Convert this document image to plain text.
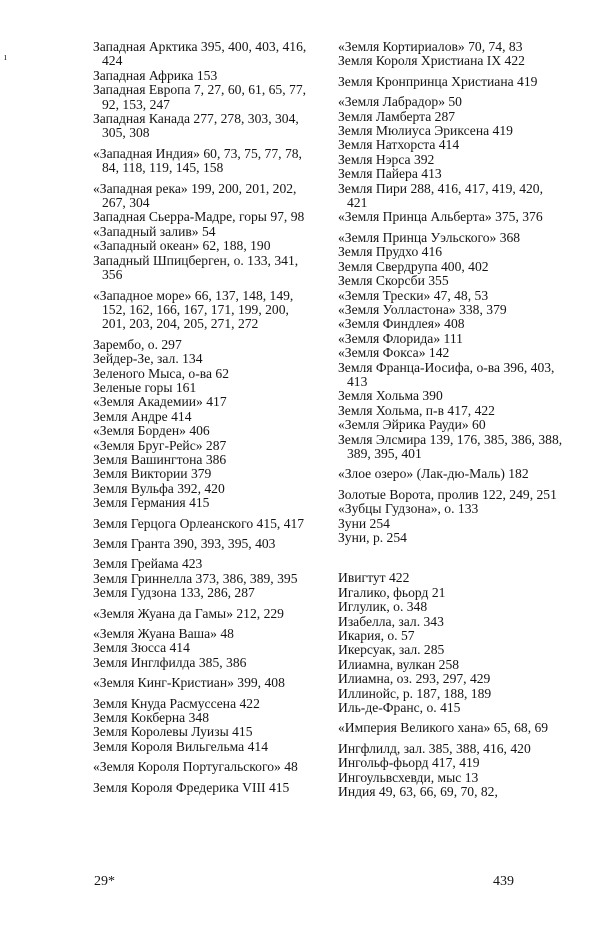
ı

Западная Арктика 395, 400, 403, 416, 424

Западная Африка 153

Западная Европа 7, 27, 60, 61, 65, 77, 92, 153, 247

Западная Канада 277, 278, 303, 304, 305, 308

«Западная Индия» 60, 73, 75, 77, 78, 84, 118, 119, 145, 158

«Западная река» 199, 200, 201, 202, 267, 304

Западная Сьерра-Мадре, горы 97, 98

«Западный залив» 54

«Западный океан» 62, 188, 190

Западный Шпицберген, о. 133, 341, 356

«Западное море» 66, 137, 148, 149, 152, 162, 166, 167, 171, 199, 200, 201, 203, 204, 205, 271, 272

Зарембо, о. 297

Зейдер-Зе, зал. 134

Зеленого Мыса, о-ва 62

Зеленые горы 161

«Земля Академии» 417

Земля Андре 414

«Земля Борден» 406

«Земля Бруг-Рейс» 287

Земля Вашингтона 386

Земля Виктории 379

Земля Вульфа 392, 420

Земля Германия 415

Земля Герцога Орлеанского 415, 417

Земля Гранта 390, 393, 395, 403

Земля Грейама 423

Земля Гриннелла 373, 386, 389, 395

Земля Гудзона 133, 286, 287

«Земля Жуана да Гамы» 212, 229

«Земля Жуана Ваша» 48

Земля Зюсса 414

Земля Инглфилда 385, 386

«Земля Кинг-Кристиан» 399, 408

Земля Кнуда Расмуссена 422

Земля Кокберна 348

Земля Королевы Луизы 415

Земля Короля Вильгельма 414

«Земля Короля Португальского» 48

Земля Короля Фредерика VIII 415

«Земля Кортириалов» 70, 74, 83

Земля Короля Христиана IX 422

Земля Кронпринца Христиана 419

«Земля Лабрадор» 50

Земля Ламберта 287

Земля Мюлиуса Эриксена 419

Земля Натхорста 414

Земля Нэрса 392

Земля Пайера 413

Земля Пири 288, 416, 417, 419, 420, 421

«Земля Принца Альберта» 375, 376

«Земля Принца Уэльского» 368

Земля Прудхо 416

Земля Свердрупа 400, 402

Земля Скорсби 355

«Земля Трески» 47, 48, 53

«Земля Уолластона» 338, 379

«Земля Финдлея» 408

«Земля Флорида» 111

«Земля Фокса» 142

Земля Франца-Иосифа, о-ва 396, 403, 413

Земля Хольма 390

Земля Хольма, п-в 417, 422

«Земля Эйрика Рауди» 60

Земля Элсмира 139, 176, 385, 386, 388, 389, 395, 401

«Злое озеро» (Лак-дю-Маль) 182

Золотые Ворота, пролив 122, 249, 251

«Зубцы Гудзона», о. 133

Зуни 254

Зуни, р. 254

Ивигтут 422

Игалико, фьорд 21

Иглулик, о. 348

Изабелла, зал. 343

Икария, о. 57

Икерсуак, зал. 285

Илиамна, вулкан 258

Илиамна, оз. 293, 297, 429

Иллинойс, р. 187, 188, 189

Иль-де-Франс, о. 415

«Империя Великого хана» 65, 68, 69

Ингфлилд, зал. 385, 388, 416, 420

Ингольф-фьорд 417, 419

Ингоульвсхевди, мыс 13

Индия 49, 63, 66, 69, 70, 82,

29*	439
